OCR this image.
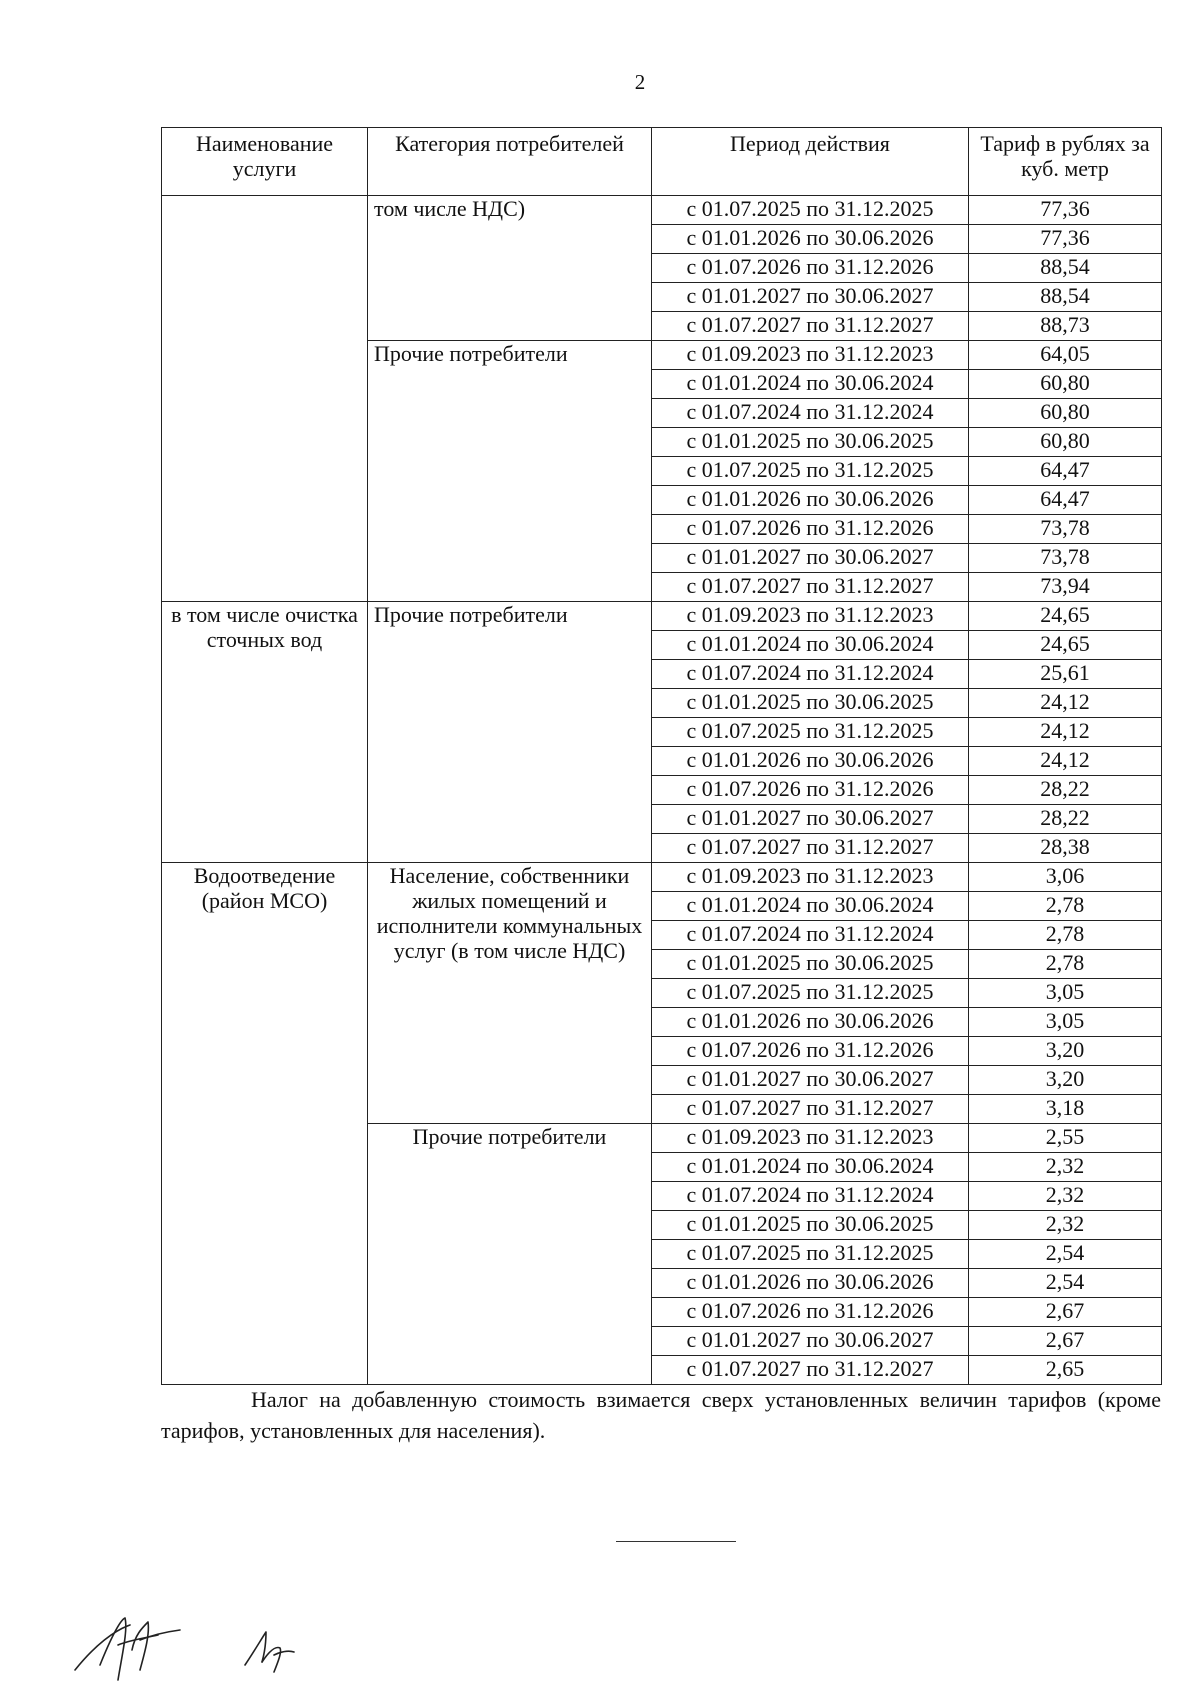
2
Наименование услуги	Категория потребителей	Период действия	Тариф в рублях за куб. метр
	том числе НДС)	с 01.07.2025 по 31.12.2025	77,36
		с 01.01.2026 по 30.06.2026	77,36
		с 01.07.2026 по 31.12.2026	88,54
		с 01.01.2027 по 30.06.2027	88,54
		с 01.07.2027 по 31.12.2027	88,73
	Прочие потребители	с 01.09.2023 по 31.12.2023	64,05
		с 01.01.2024 по 30.06.2024	60,80
		с 01.07.2024 по 31.12.2024	60,80
		с 01.01.2025 по 30.06.2025	60,80
		с 01.07.2025 по 31.12.2025	64,47
		с 01.01.2026 по 30.06.2026	64,47
		с 01.07.2026 по 31.12.2026	73,78
		с 01.01.2027 по 30.06.2027	73,78
		с 01.07.2027 по 31.12.2027	73,94
в том числе очистка сточных вод	Прочие потребители	с 01.09.2023 по 31.12.2023	24,65
		с 01.01.2024 по 30.06.2024	24,65
		с 01.07.2024 по 31.12.2024	25,61
		с 01.01.2025 по 30.06.2025	24,12
		с 01.07.2025 по 31.12.2025	24,12
		с 01.01.2026 по 30.06.2026	24,12
		с 01.07.2026 по 31.12.2026	28,22
		с 01.01.2027 по 30.06.2027	28,22
		с 01.07.2027 по 31.12.2027	28,38
Водоотведение (район МСО)	Население, собственники жилых помещений и исполнители коммунальных услуг (в том числе НДС)	с 01.09.2023 по 31.12.2023	3,06
		с 01.01.2024 по 30.06.2024	2,78
		с 01.07.2024 по 31.12.2024	2,78
		с 01.01.2025 по 30.06.2025	2,78
		с 01.07.2025 по 31.12.2025	3,05
		с 01.01.2026 по 30.06.2026	3,05
		с 01.07.2026 по 31.12.2026	3,20
		с 01.01.2027 по 30.06.2027	3,20
		с 01.07.2027 по 31.12.2027	3,18
	Прочие потребители	с 01.09.2023 по 31.12.2023	2,55
		с 01.01.2024 по 30.06.2024	2,32
		с 01.07.2024 по 31.12.2024	2,32
		с 01.01.2025 по 30.06.2025	2,32
		с 01.07.2025 по 31.12.2025	2,54
		с 01.01.2026 по 30.06.2026	2,54
		с 01.07.2026 по 31.12.2026	2,67
		с 01.01.2027 по 30.06.2027	2,67
		с 01.07.2027 по 31.12.2027	2,65
Налог на добавленную стоимость взимается сверх установленных величин тарифов (кроме тарифов, установленных для населения).
